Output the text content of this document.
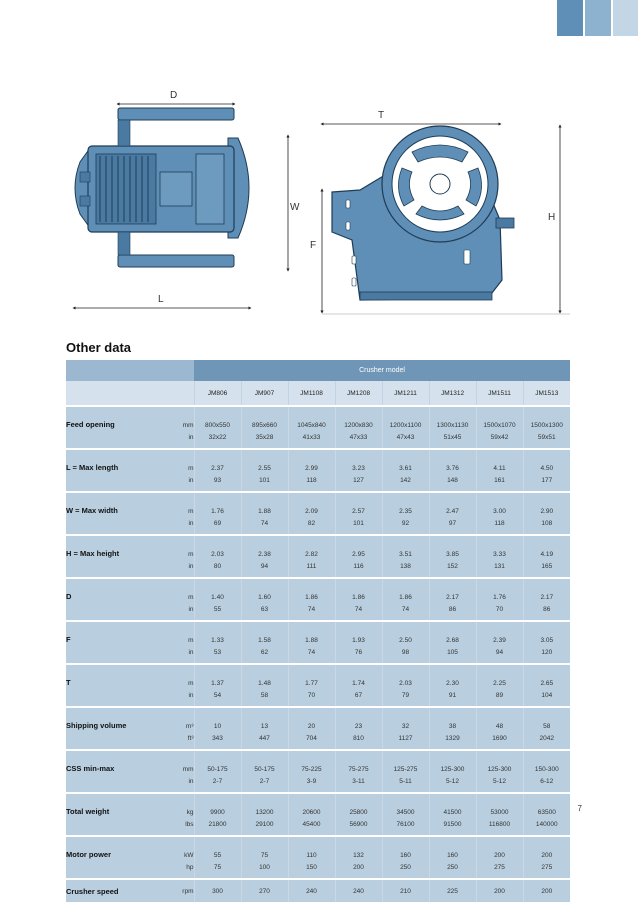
D
L
W
T
H
F
Other data
		Crusher model							
		JM806	JM907	JM1108	JM1208	JM1211	JM1312	JM1511	JM1513

Feed opening	mm	800x550	895x660	1045x840	1200x830	1200x1100	1300x1130	1500x1070	1500x1300
	in	32x22	35x28	41x33	47x33	47x43	51x45	59x42	59x51

L = Max length	m	2.37	2.55	2.99	3.23	3.61	3.76	4.11	4.50
	in	93	101	118	127	142	148	161	177

W = Max width	m	1.76	1.88	2.09	2.57	2.35	2.47	3.00	2.90
	in	69	74	82	101	92	97	118	108

H = Max height	m	2.03	2.38	2.82	2.95	3.51	3.85	3.33	4.19
	in	80	94	111	116	138	152	131	165

D	m	1.40	1.60	1.86	1.86	1.86	2.17	1.76	2.17
	in	55	63	74	74	74	86	70	86

F	m	1.33	1.58	1.88	1.93	2.50	2.68	2.39	3.05
	in	53	62	74	76	98	105	94	120

T	m	1.37	1.48	1.77	1.74	2.03	2.30	2.25	2.65
	in	54	58	70	67	79	91	89	104

Shipping volume	m³	10	13	20	23	32	38	48	58
	ft³	343	447	704	810	1127	1329	1690	2042

CSS min-max	mm	50-175	50-175	75-225	75-275	125-275	125-300	125-300	150-300
	in	2-7	2-7	3-9	3-11	5-11	5-12	5-12	6-12

Total weight	kg	9900	13200	20600	25800	34500	41500	53000	63500
	lbs	21800	29100	45400	56900	76100	91500	116800	140000

Motor power	kW	55	75	110	132	160	160	200	200
	hp	75	100	150	200	250	250	275	275

Crusher speed	rpm	300	270	240	240	210	225	200	200
7
